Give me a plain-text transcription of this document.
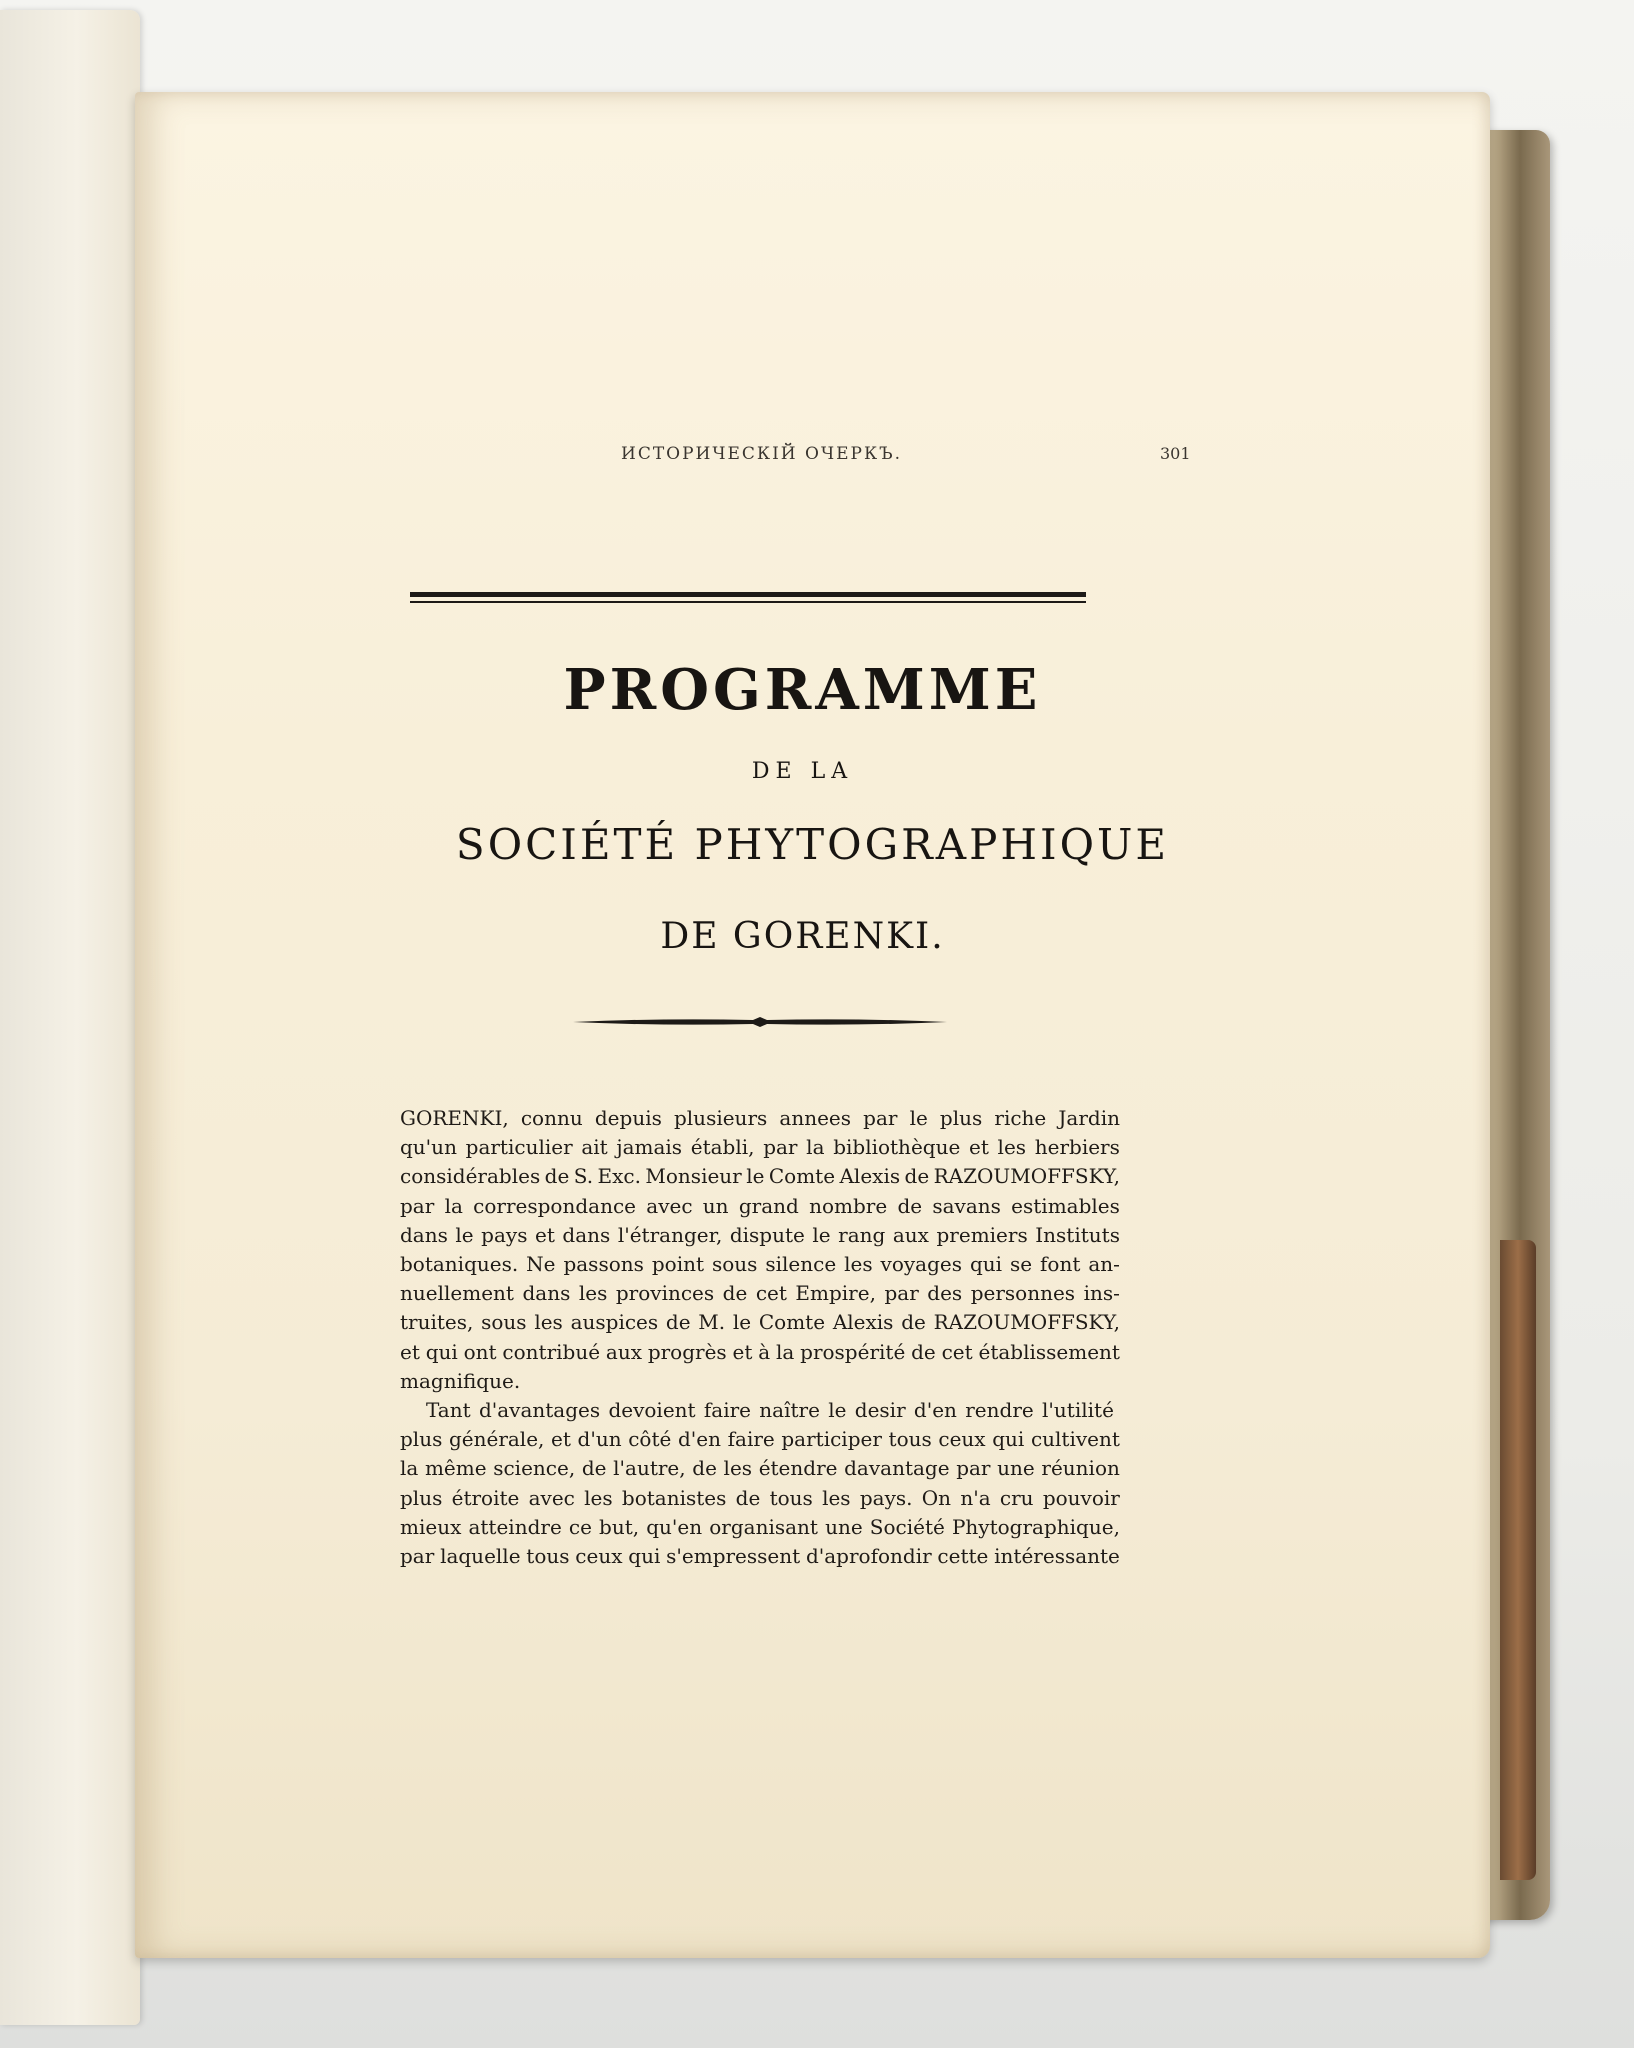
ИСТОРИЧЕСКІЙ ОЧЕРКЪ.	301
PROGRAMME
DE LA
SOCIÉTÉ PHYTOGRAPHIQUE
DE GORENKI.
GORENKI, connu depuis plusieurs annees par le plus riche Jardin
qu'un particulier ait jamais établi, par la bibliothèque et les herbiers
considérables de S. Exc. Monsieur le Comte Alexis de RAZOUMOFFSKY,
par la correspondance avec un grand nombre de savans estimables
dans le pays et dans l'étranger, dispute le rang aux premiers Instituts
botaniques. Ne passons point sous silence les voyages qui se font an-
nuellement dans les provinces de cet Empire, par des personnes ins-
truites, sous les auspices de M. le Comte Alexis de RAZOUMOFFSKY,
et qui ont contribué aux progrès et à la prospérité de cet établissement
magnifique.
Tant d'avantages devoient faire naître le desir d'en rendre l'utilité
plus générale, et d'un côté d'en faire participer tous ceux qui cultivent
la même science, de l'autre, de les étendre davantage par une réunion
plus étroite avec les botanistes de tous les pays. On n'a cru pouvoir
mieux atteindre ce but, qu'en organisant une Société Phytographique,
par laquelle tous ceux qui s'empressent d'aprofondir cette intéressante
